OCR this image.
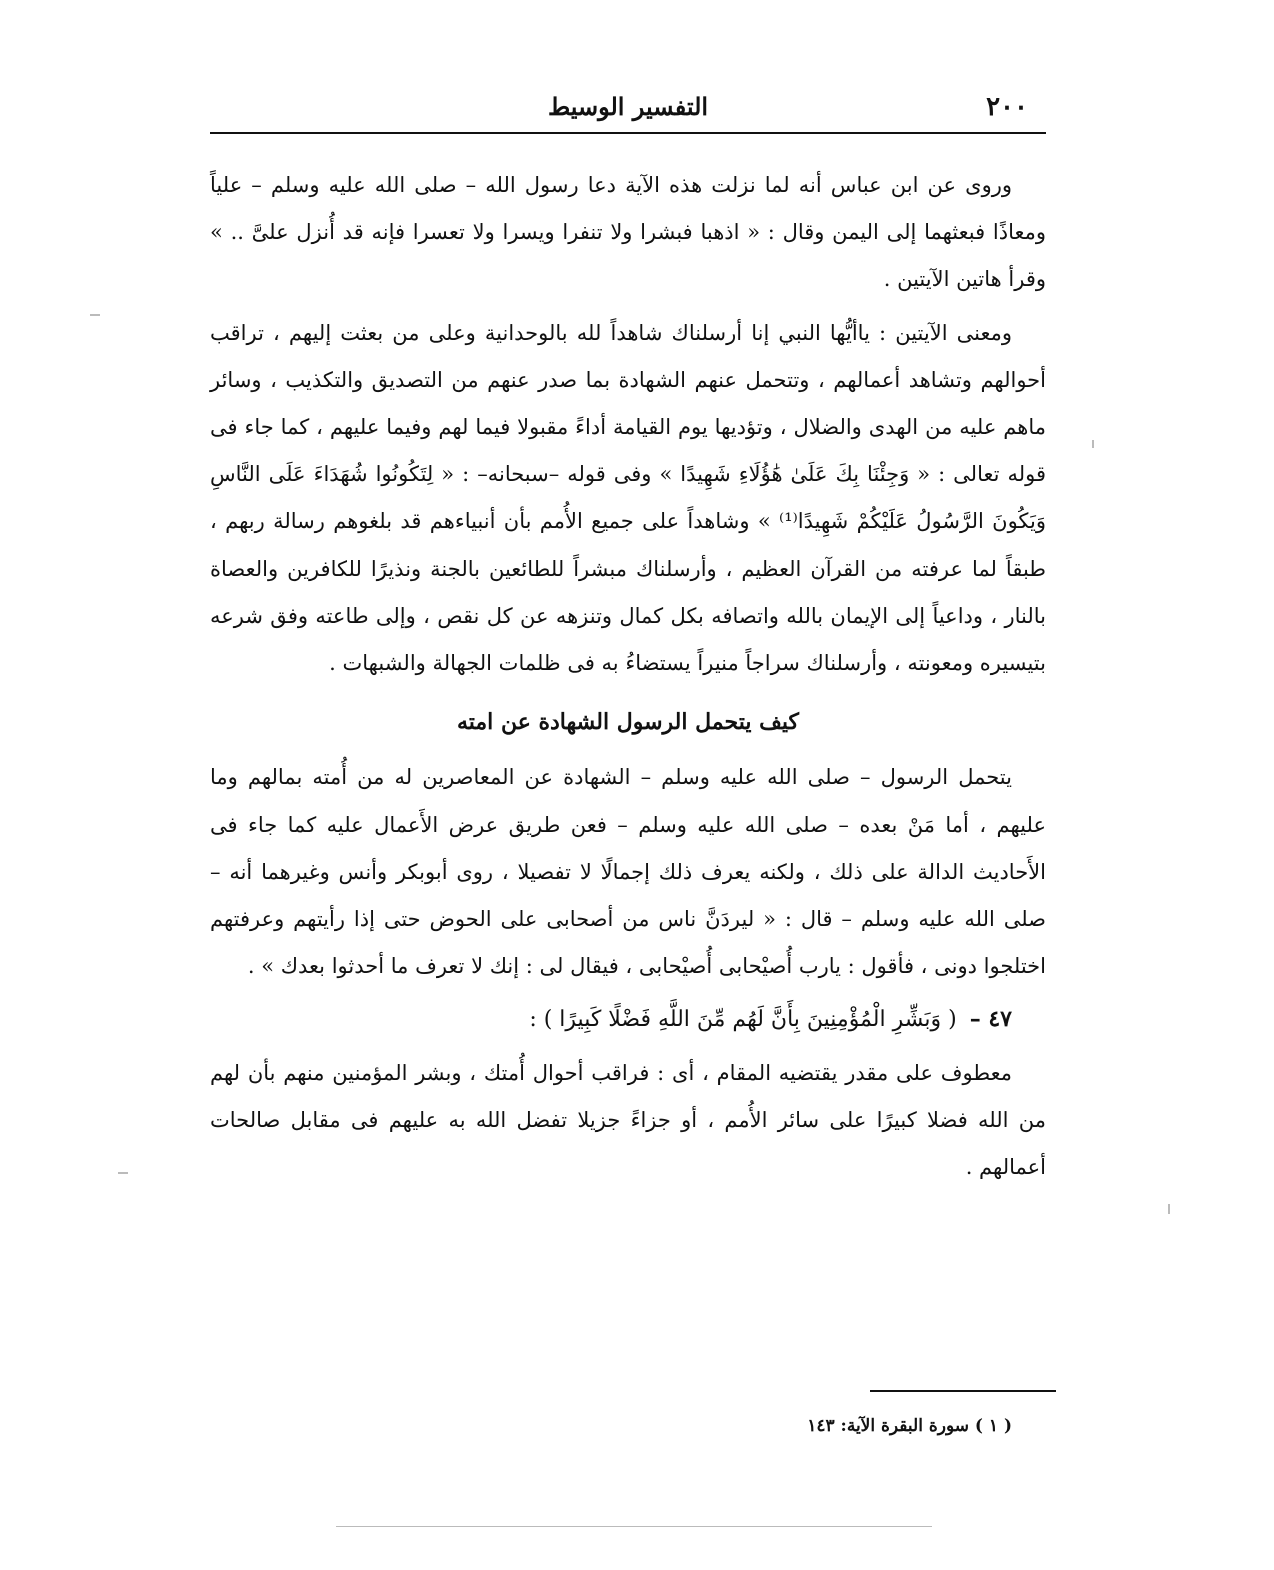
٢٠٠
التفسير الوسيط

وروى عن ابن عباس أنه لما نزلت هذه الآية دعا رسول الله – صلى الله عليه وسلم – علياً ومعاذًا فبعثهما إلى اليمن وقال : « اذهبا فبشرا ولا تنفرا ويسرا ولا تعسرا فإنه قد أُنزل علىَّ .. » وقرأ هاتين الآيتين .

ومعنى الآيتين : ياأيُّها النبي إنا أرسلناك شاهداً لله بالوحدانية وعلى من بعثت إليهم ، تراقب أحوالهم وتشاهد أعمالهم ، وتتحمل عنهم الشهادة بما صدر عنهم من التصديق والتكذيب ، وسائر ماهم عليه من الهدى والضلال ، وتؤديها يوم القيامة أداءً مقبولا فيما لهم وفيما عليهم ، كما جاء فى قوله تعالى : « وَجِئْنَا بِكَ عَلَىٰ هَٰؤُلَاءِ شَهِيدًا » وفى قوله –سبحانه– : « لِتَكُونُوا شُهَدَاءَ عَلَى النَّاسِ وَيَكُونَ الرَّسُولُ عَلَيْكُمْ شَهِيدًا⁽¹⁾ » وشاهداً على جميع الأُمم بأن أنبياءهم قد بلغوهم رسالة ربهم ، طبقاً لما عرفته من القرآن العظيم ، وأرسلناك مبشراً للطائعين بالجنة ونذيرًا للكافرين والعصاة بالنار ، وداعياً إلى الإيمان بالله واتصافه بكل كمال وتنزهه عن كل نقص ، وإلى طاعته وفق شرعه بتيسيره ومعونته ، وأرسلناك سراجاً منيراً يستضاءُ به فى ظلمات الجهالة والشبهات .

كيف يتحمل الرسول الشهادة عن امته

يتحمل الرسول – صلى الله عليه وسلم – الشهادة عن المعاصرين له من أُمته بمالهم وما عليهم ، أما مَنْ بعده – صلى الله عليه وسلم – فعن طريق عرض الأَعمال عليه كما جاء فى الأَحاديث الدالة على ذلك ، ولكنه يعرف ذلك إجمالًا لا تفصيلا ، روى أبوبكر وأنس وغيرهما أنه – صلى الله عليه وسلم – قال : « ليردَنَّ ناس من أصحابى على الحوض حتى إذا رأيتهم وعرفتهم اختلجوا دونى ، فأقول : يارب أُصيْحابى أُصيْحابى ، فيقال لى : إنك لا تعرف ما أحدثوا بعدك » .

٤٧ – ( وَبَشِّرِ الْمُؤْمِنِينَ بِأَنَّ لَهُم مِّنَ اللَّهِ فَضْلًا كَبِيرًا ) :

معطوف على مقدر يقتضيه المقام ، أى : فراقب أحوال أُمتك ، وبشر المؤمنين منهم بأن لهم من الله فضلا كبيرًا على سائر الأُمم ، أو جزاءً جزيلا تفضل الله به عليهم فى مقابل صالحات أعمالهم .

( ١ ) سورة البقرة الآية: ١٤٣
